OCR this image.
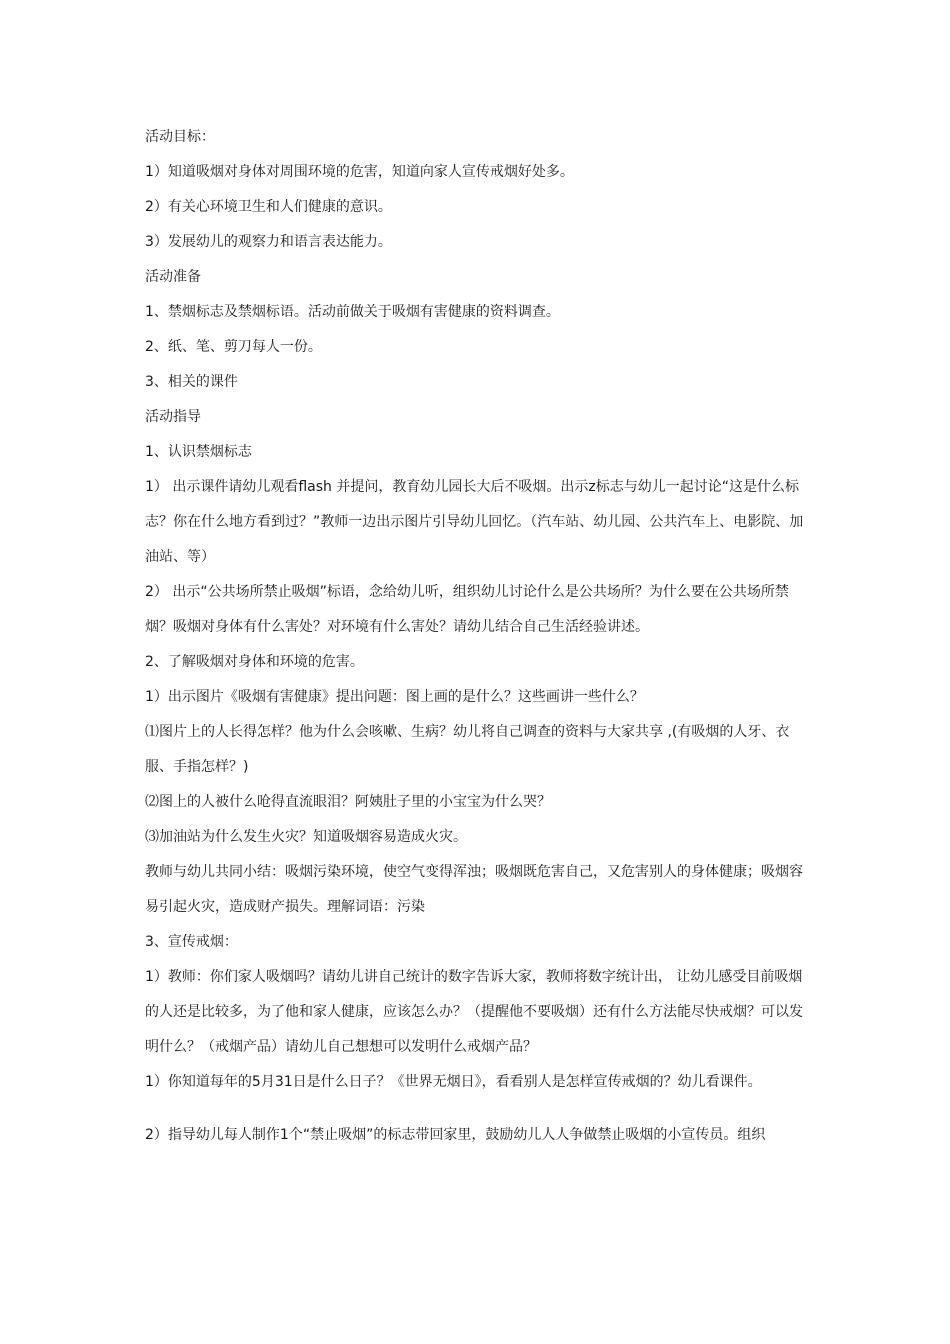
活动目标：

1）知道吸烟对身体对周围环境的危害，知道向家人宣传戒烟好处多。

2）有关心环境卫生和人们健康的意识。

3）发展幼儿的观察力和语言表达能力。

活动准备

1、禁烟标志及禁烟标语。活动前做关于吸烟有害健康的资料调查。

2、纸、笔、剪刀每人一份。

3、相关的课件

活动指导

1、认识禁烟标志

1） 出示课件请幼儿观看flash 并提问，教育幼儿园长大后不吸烟。出示z标志与幼儿一起讨论“这是什么标志？你在什么地方看到过？”教师一边出示图片引导幼儿回忆。（汽车站、幼儿园、公共汽车上、电影院、加油站、等）

2） 出示“公共场所禁止吸烟”标语，念给幼儿听，组织幼儿讨论什么是公共场所？为什么要在公共场所禁烟？吸烟对身体有什么害处？对环境有什么害处？请幼儿结合自己生活经验讲述。

2、了解吸烟对身体和环境的危害。

1）出示图片《吸烟有害健康》提出问题：图上画的是什么？这些画讲一些什么？

⑴图片上的人长得怎样？他为什么会咳嗽、生病？幼儿将自己调查的资料与大家共享 ,(有吸烟的人牙、衣服、手指怎样？)

⑵图上的人被什么呛得直流眼泪？阿姨肚子里的小宝宝为什么哭？

⑶加油站为什么发生火灾？知道吸烟容易造成火灾。

教师与幼儿共同小结：吸烟污染环境，使空气变得浑浊；吸烟既危害自己，又危害别人的身体健康；吸烟容易引起火灾，造成财产损失。理解词语：污染

3、宣传戒烟：

1）教师：你们家人吸烟吗？请幼儿讲自己统计的数字告诉大家，教师将数字统计出， 让幼儿感受目前吸烟的人还是比较多，为了他和家人健康，应该怎么办？（提醒他不要吸烟）还有什么方法能尽快戒烟？可以发明什么？（戒烟产品）请幼儿自己想想可以发明什么戒烟产品？

1）你知道每年的5月31日是什么日子？《世界无烟日》，看看别人是怎样宣传戒烟的？幼儿看课件。

2）指导幼儿每人制作1个“禁止吸烟”的标志带回家里，鼓励幼儿人人争做禁止吸烟的小宣传员。组织
